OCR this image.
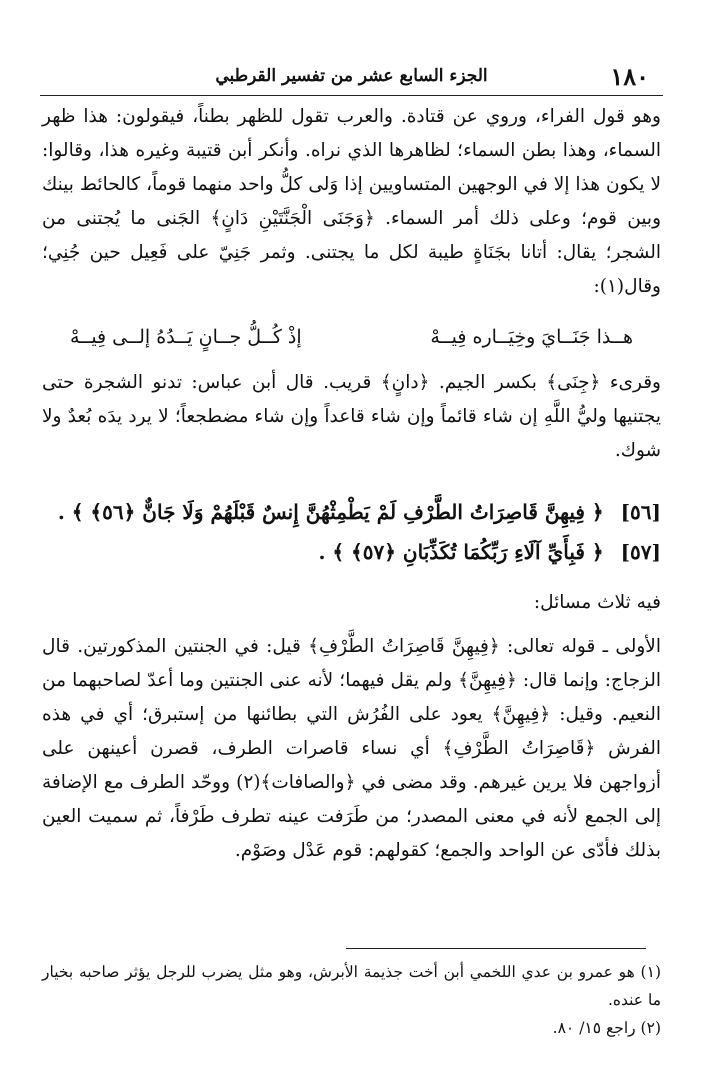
١٨٠
الجزء السابع عشر من تفسير القرطبي

وهو قول الفراء، وروي عن قتادة. والعرب تقول للظهر بطناً، فيقولون: هذا ظهر السماء، وهذا بطن السماء؛ لظاهرها الذي نراه. وأنكر أبن قتيبة وغيره هذا، وقالوا: لا يكون هذا إلا في الوجهين المتساويين إذا وَلى كلُّ واحد منهما قوماً، كالحائط بينك وبين قوم؛ وعلى ذلك أمر السماء. ﴿وَجَنَى الْجَنَّتَيْنِ دَانٍ﴾ الجَنى ما يُجتنى من الشجر؛ يقال: أتانا بجَنَاةٍ طيبة لكل ما يجتنى. وثمر جَنِيّ على فَعِيل حين جُنِي؛ وقال(١):

هــذا جَنَــايَ وخِيَــاره فِيــهْ
إذْ كُــلُّ جــانٍ يَــدُهُ إلــى فِيــهْ

وقرىء ﴿جِنَى﴾ بكسر الجيم. ﴿دانٍ﴾ قريب. قال أبن عباس: تدنو الشجرة حتى يجتنيها وليُّ اللَّهِ إن شاء قائماً وإن شاء قاعداً وإن شاء مضطجعاً؛ لا يرد يدَه بُعدٌ ولا شوك.

[٥٦] ﴿ فِيهِنَّ قَاصِرَاتُ الطَّرْفِ لَمْ يَطْمِثْهُنَّ إِنسٌ قَبْلَهُمْ وَلَا جَانٌّ ﴿٥٦﴾ ﴾ .
[٥٧] ﴿ فَبِأَيِّ آلَاءِ رَبِّكُمَا تُكَذِّبَانِ ﴿٥٧﴾ ﴾ .
فيه ثلاث مسائل:

الأولى ـ قوله تعالى: ﴿فِيهِنَّ قَاصِرَاتُ الطَّرْفِ﴾ قيل: في الجنتين المذكورتين. قال الزجاج: وإنما قال: ﴿فِيهِنَّ﴾ ولم يقل فيهما؛ لأنه عنى الجنتين وما أعدّ لصاحبهما من النعيم. وقيل: ﴿فِيهِنَّ﴾ يعود على الفُرُش التي بطائنها من إستبرق؛ أي في هذه الفرش ﴿قَاصِرَاتُ الطَّرْفِ﴾ أي نساء قاصرات الطرف، قصرن أعينهن على أزواجهن فلا يرين غيرهم. وقد مضى في ﴿والصافات﴾(٢) ووحّد الطرف مع الإضافة إلى الجمع لأنه في معنى المصدر؛ من طَرَفت عينه تطرف طَرْفاً، ثم سميت العين بذلك فأدّى عن الواحد والجمع؛ كقولهم: قوم عَدْل وصَوْم.

(١) هو عمرو بن عدي اللخمي أبن أخت جذيمة الأبرش، وهو مثل يضرب للرجل يؤثر صاحبه بخيار ما عنده.

(٢) راجع ١٥/ ٨٠.
